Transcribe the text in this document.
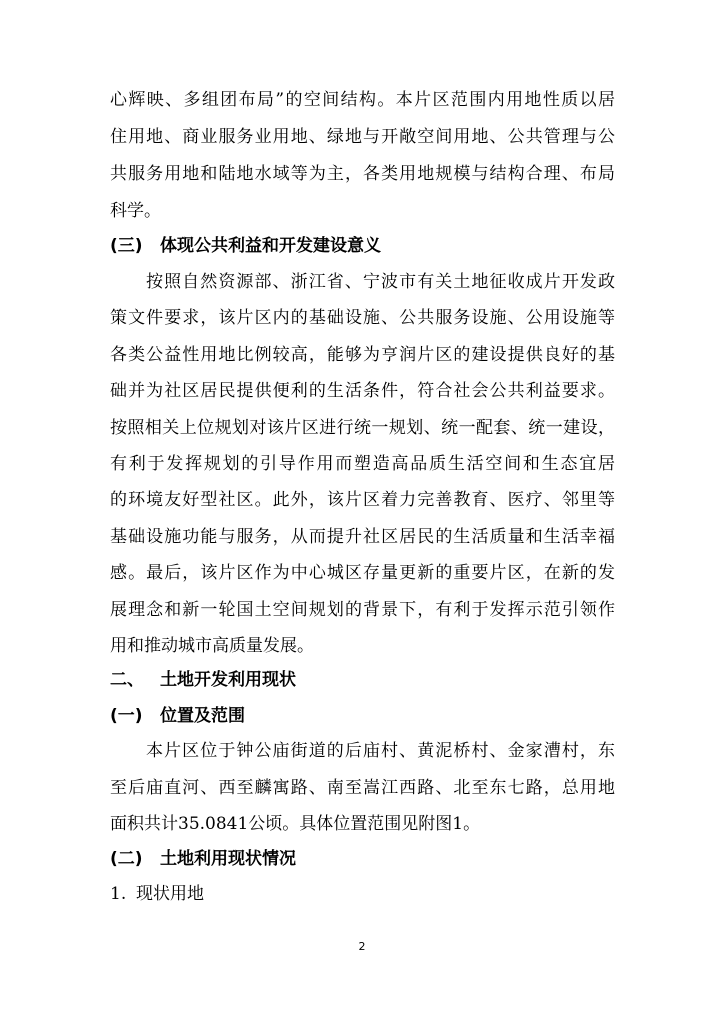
心辉映、多组团布局”的空间结构。本片区范围内用地性质以居
住用地、商业服务业用地、绿地与开敞空间用地、公共管理与公
共服务用地和陆地水域等为主，各类用地规模与结构合理、布局
科学。
(三) 体现公共利益和开发建设意义
按照自然资源部、浙江省、宁波市有关土地征收成片开发政
策文件要求，该片区内的基础设施、公共服务设施、公用设施等
各类公益性用地比例较高，能够为亨润片区的建设提供良好的基
础并为社区居民提供便利的生活条件，符合社会公共利益要求。
按照相关上位规划对该片区进行统一规划、统一配套、统一建设，
有利于发挥规划的引导作用而塑造高品质生活空间和生态宜居
的环境友好型社区。此外，该片区着力完善教育、医疗、邻里等
基础设施功能与服务，从而提升社区居民的生活质量和生活幸福
感。最后，该片区作为中心城区存量更新的重要片区，在新的发
展理念和新一轮国土空间规划的背景下，有利于发挥示范引领作
用和推动城市高质量发展。
二、 土地开发利用现状
(一) 位置及范围
本片区位于钟公庙街道的后庙村、黄泥桥村、金家漕村，东
至后庙直河、西至麟寓路、南至嵩江西路、北至东七路，总用地
面积共计35.0841公顷。具体位置范围见附图1。
(二) 土地利用现状情况
1. 现状用地
2
